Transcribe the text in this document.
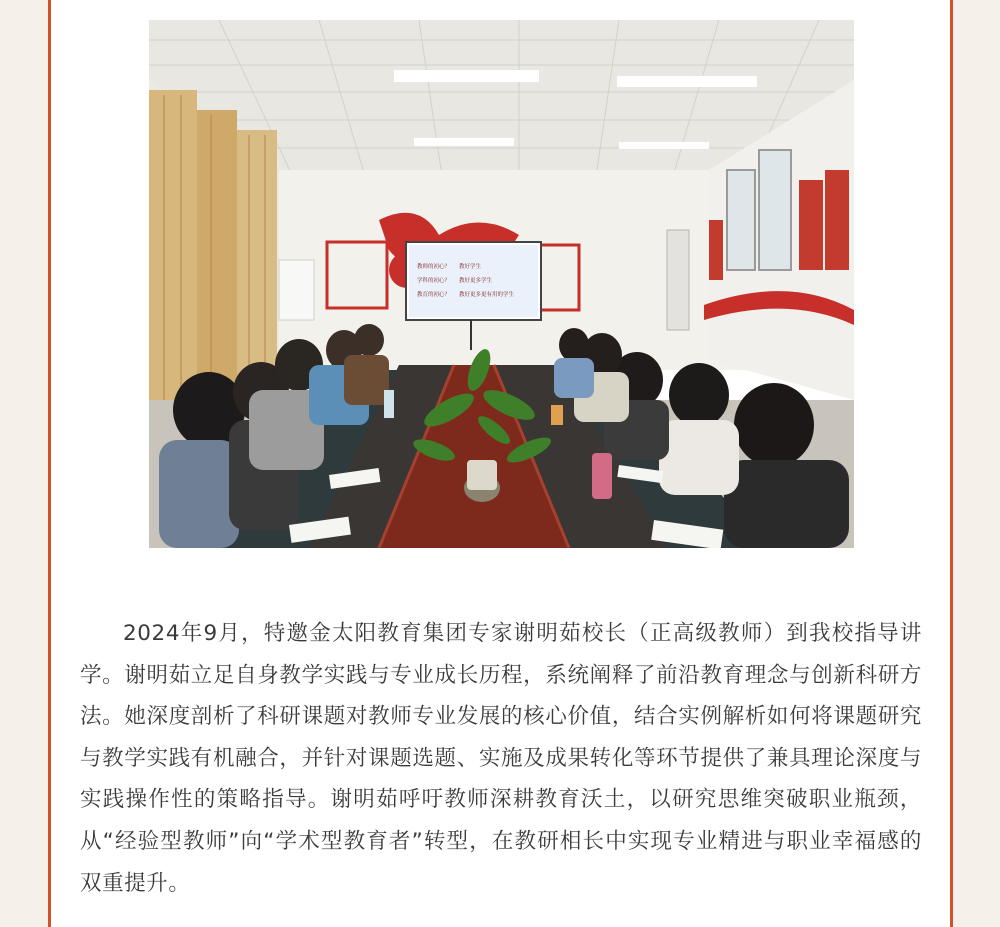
教师的初心？ 教好学生
学科的初心？ 教好更多学生
教育的初心？ 教好更多更有用的学生

2024年9月，特邀金太阳教育集团专家谢明茹校长（正高级教师）到我校指导讲学。谢明茹立足自身教学实践与专业成长历程，系统阐释了前沿教育理念与创新科研方法。她深度剖析了科研课题对教师专业发展的核心价值，结合实例解析如何将课题研究与教学实践有机融合，并针对课题选题、实施及成果转化等环节提供了兼具理论深度与实践操作性的策略指导。谢明茹呼吁教师深耕教育沃土，以研究思维突破职业瓶颈，从“经验型教师”向“学术型教育者”转型，在教研相长中实现专业精进与职业幸福感的双重提升。
